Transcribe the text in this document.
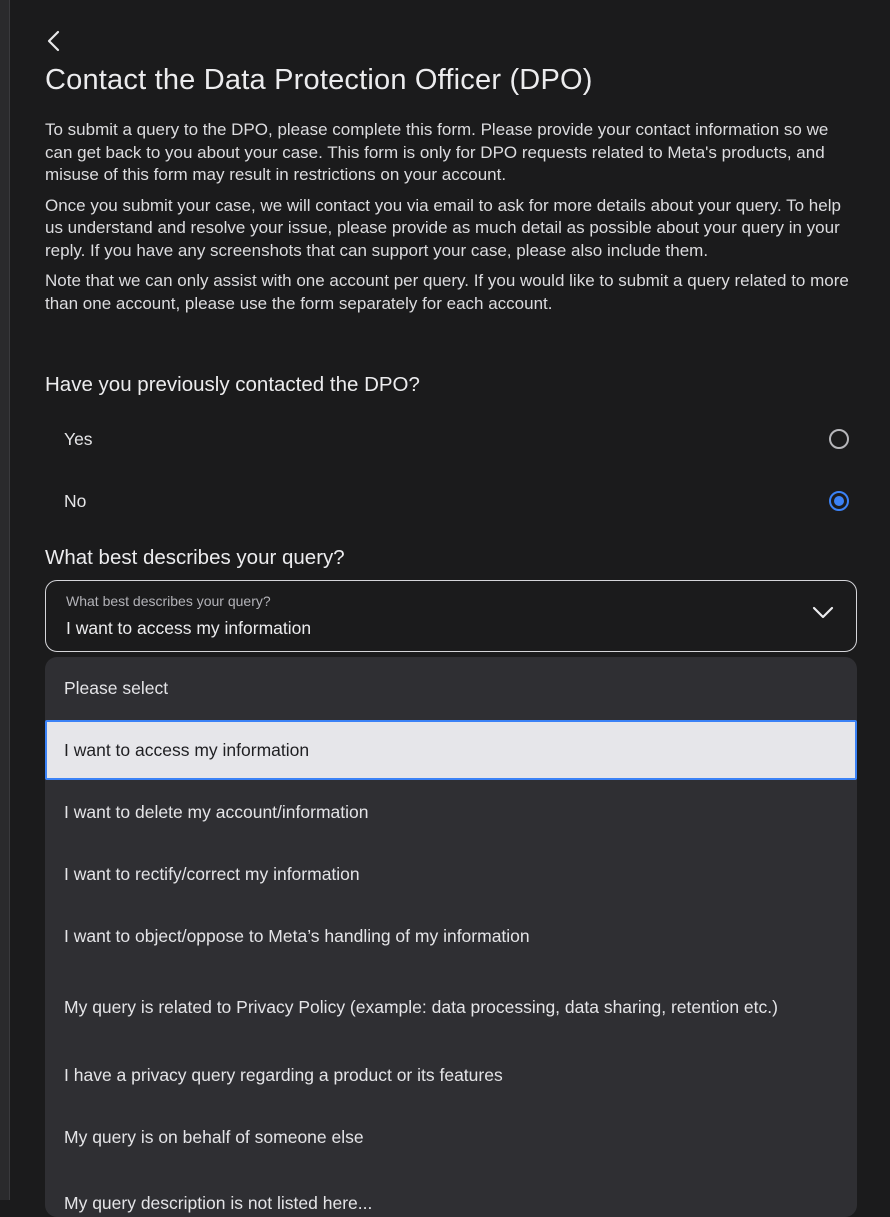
Contact the Data Protection Officer (DPO)

To submit a query to the DPO, please complete this form. Please provide your contact information so we can get back to you about your case. This form is only for DPO requests related to Meta's products, and misuse of this form may result in restrictions on your account.

Once you submit your case, we will contact you via email to ask for more details about your query. To help us understand and resolve your issue, please provide as much detail as possible about your query in your reply. If you have any screenshots that can support your case, please also include them.

Note that we can only assist with one account per query. If you would like to submit a query related to more than one account, please use the form separately for each account.

Have you previously contacted the DPO?
Yes
No
What best describes your query?
What best describes your query?
I want to access my information
Please select
I want to access my information
I want to delete my account/information
I want to rectify/correct my information
I want to object/oppose to Meta’s handling of my information
My query is related to Privacy Policy (example: data processing, data sharing, retention etc.)
I have a privacy query regarding a product or its features
My query is on behalf of someone else
My query description is not listed here...
